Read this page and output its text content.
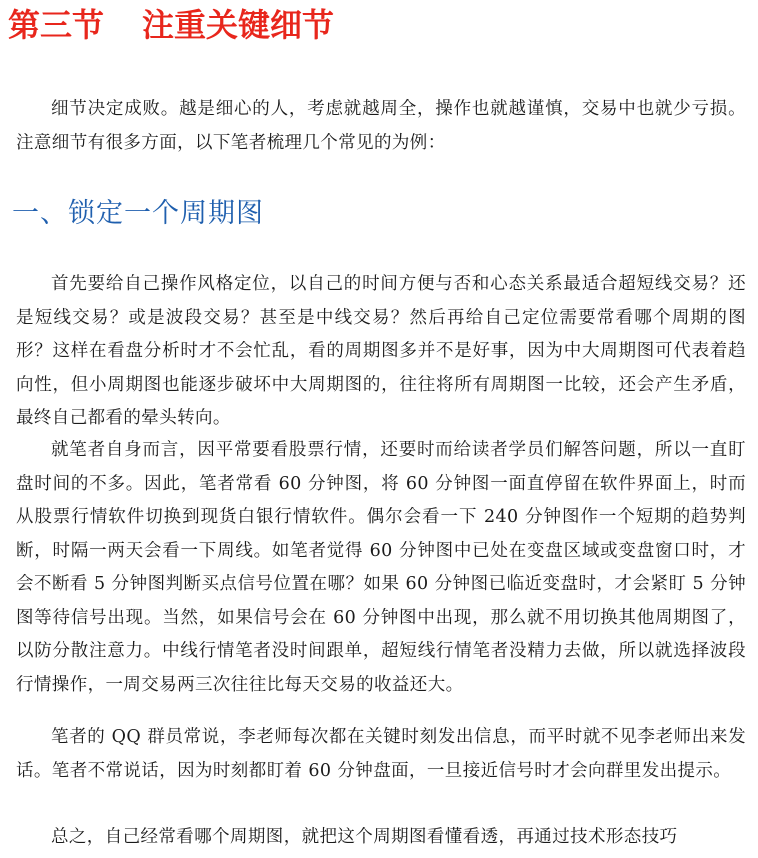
第三节 注重关键细节

细节决定成败。越是细心的人，考虑就越周全，操作也就越谨慎，交易中也就少亏损。注意细节有很多方面，以下笔者梳理几个常见的为例：

一、锁定一个周期图

首先要给自己操作风格定位，以自己的时间方便与否和心态关系最适合超短线交易？还是短线交易？或是波段交易？甚至是中线交易？然后再给自己定位需要常看哪个周期的图形？这样在看盘分析时才不会忙乱，看的周期图多并不是好事，因为中大周期图可代表着趋向性，但小周期图也能逐步破坏中大周期图的，往往将所有周期图一比较，还会产生矛盾，最终自己都看的晕头转向。

就笔者自身而言，因平常要看股票行情，还要时而给读者学员们解答问题，所以一直盯盘时间的不多。因此，笔者常看 60 分钟图，将 60 分钟图一面直停留在软件界面上，时而从股票行情软件切换到现货白银行情软件。偶尔会看一下 240 分钟图作一个短期的趋势判断，时隔一两天会看一下周线。如笔者觉得 60 分钟图中已处在变盘区域或变盘窗口时，才会不断看 5 分钟图判断买点信号位置在哪？如果 60 分钟图已临近变盘时，才会紧盯 5 分钟图等待信号出现。当然，如果信号会在 60 分钟图中出现，那么就不用切换其他周期图了，以防分散注意力。中线行情笔者没时间跟单，超短线行情笔者没精力去做，所以就选择波段行情操作，一周交易两三次往往比每天交易的收益还大。

笔者的 QQ 群员常说，李老师每次都在关键时刻发出信息，而平时就不见李老师出来发话。笔者不常说话，因为时刻都盯着 60 分钟盘面，一旦接近信号时才会向群里发出提示。

总之，自己经常看哪个周期图，就把这个周期图看懂看透，再通过技术形态技巧
